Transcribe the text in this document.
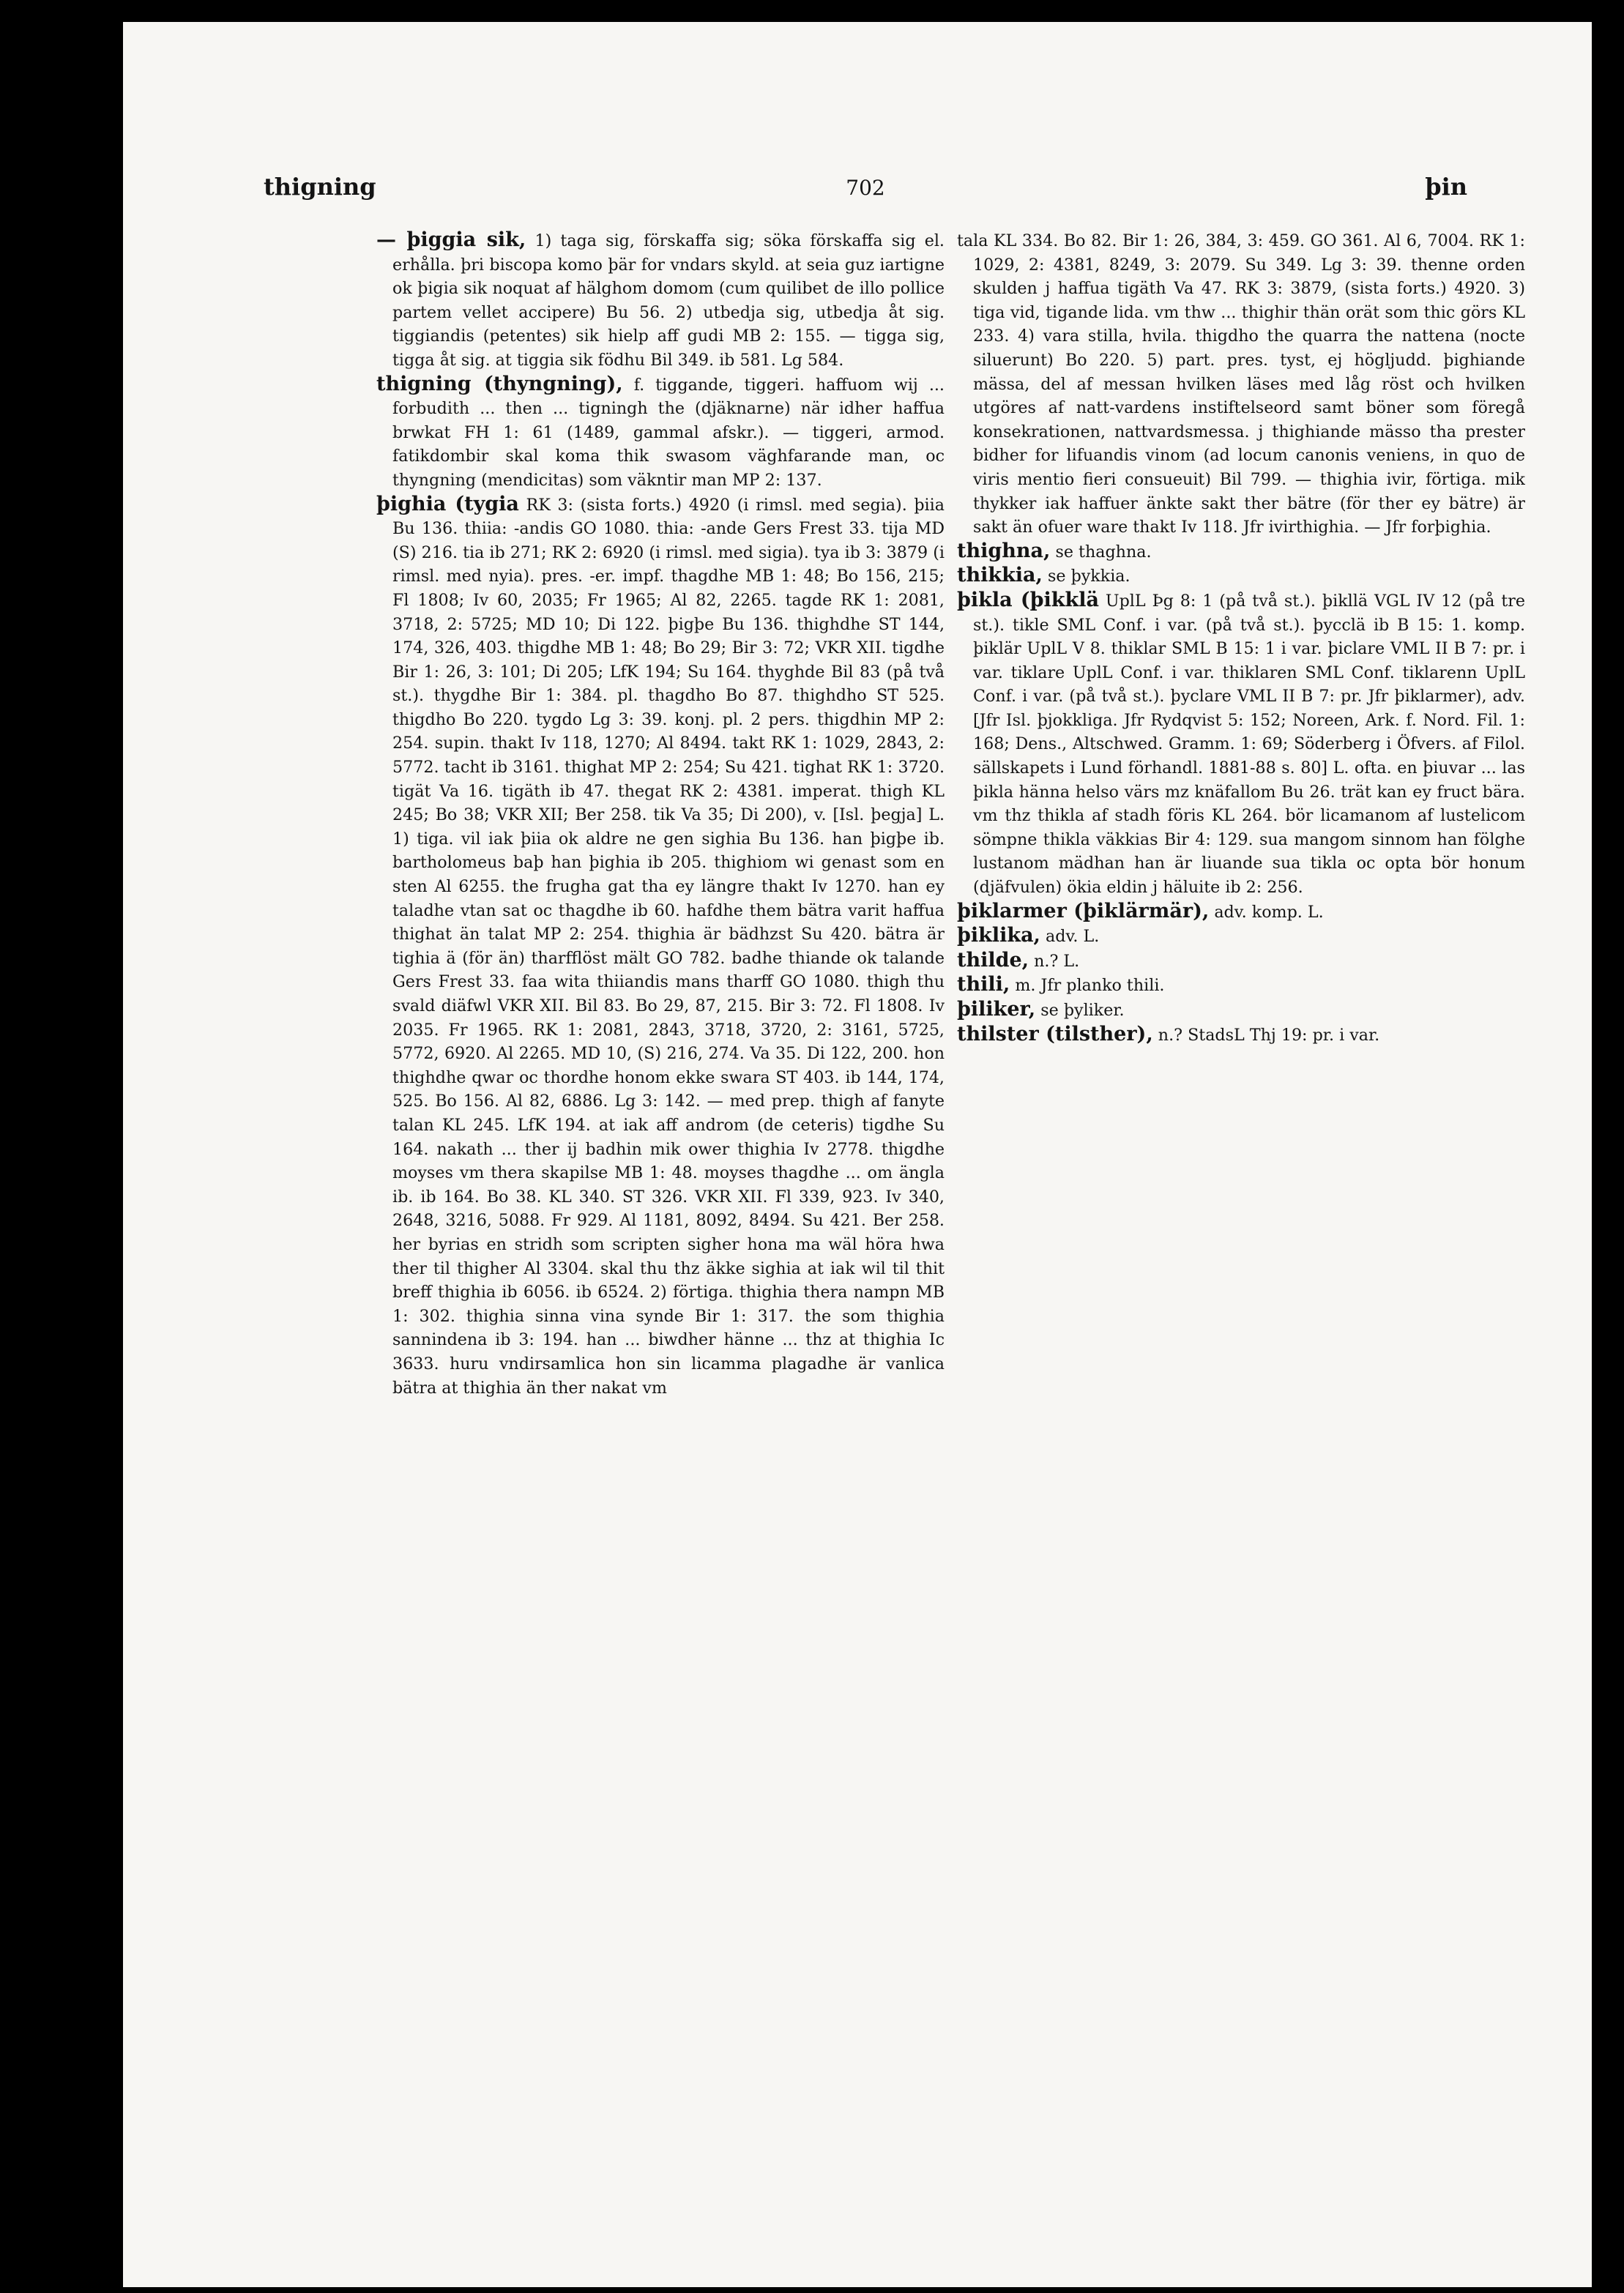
thigning	702	þin

— þiggia sik, 1) taga sig, förskaffa sig; söka förskaffa sig el. erhålla. þri biscopa komo þär for vndars skyld. at seia guz iartigne ok þigia sik noquat af hälghom domom (cum quilibet de illo pollice partem vellet accipere) Bu 56. 2) utbedja sig, utbedja åt sig. tiggiandis (petentes) sik hielp aff gudi MB 2: 155. — tigga sig, tigga åt sig. at tiggia sik födhu Bil 349. ib 581. Lg 584.

thigning (thyngning), f. tiggande, tiggeri. haffuom wij ... forbudith ... then ... tigningh the (djäknarne) när idher haffua brwkat FH 1: 61 (1489, gammal afskr.). — tiggeri, armod. fatikdombir skal koma thik swasom väghfarande man, oc thyngning (mendicitas) som väkntir man MP 2: 137.

þighia (tygia RK 3: (sista forts.) 4920 (i rimsl. med segia). þiia Bu 136. thiia: -andis GO 1080. thia: -ande Gers Frest 33. tija MD (S) 216. tia ib 271; RK 2: 6920 (i rimsl. med sigia). tya ib 3: 3879 (i rimsl. med nyia). pres. -er. impf. thagdhe MB 1: 48; Bo 156, 215; Fl 1808; Iv 60, 2035; Fr 1965; Al 82, 2265. tagde RK 1: 2081, 3718, 2: 5725; MD 10; Di 122. þigþe Bu 136. thighdhe ST 144, 174, 326, 403. thigdhe MB 1: 48; Bo 29; Bir 3: 72; VKR XII. tigdhe Bir 1: 26, 3: 101; Di 205; LfK 194; Su 164. thyghde Bil 83 (på två st.). thygdhe Bir 1: 384. pl. thagdho Bo 87. thighdho ST 525. thigdho Bo 220. tygdo Lg 3: 39. konj. pl. 2 pers. thigdhin MP 2: 254. supin. thakt Iv 118, 1270; Al 8494. takt RK 1: 1029, 2843, 2: 5772. tacht ib 3161. thighat MP 2: 254; Su 421. tighat RK 1: 3720. tigät Va 16. tigäth ib 47. thegat RK 2: 4381. imperat. thigh KL 245; Bo 38; VKR XII; Ber 258. tik Va 35; Di 200), v. [Isl. þegja] L. 1) tiga. vil iak þiia ok aldre ne gen sighia Bu 136. han þigþe ib. bartholomeus baþ han þighia ib 205. thighiom wi genast som en sten Al 6255. the frugha gat tha ey längre thakt Iv 1270. han ey taladhe vtan sat oc thagdhe ib 60. hafdhe them bätra varit haffua thighat än talat MP 2: 254. thighia är bädhzst Su 420. bätra är tighia ä (för än) tharfflöst mält GO 782. badhe thiande ok talande Gers Frest 33. faa wita thiiandis mans tharff GO 1080. thigh thu svald diäfwl VKR XII. Bil 83. Bo 29, 87, 215. Bir 3: 72. Fl 1808. Iv 2035. Fr 1965. RK 1: 2081, 2843, 3718, 3720, 2: 3161, 5725, 5772, 6920. Al 2265. MD 10, (S) 216, 274. Va 35. Di 122, 200. hon thighdhe qwar oc thordhe honom ekke swara ST 403. ib 144, 174, 525. Bo 156. Al 82, 6886. Lg 3: 142. — med prep. thigh af fanyte talan KL 245. LfK 194. at iak aff androm (de ceteris) tigdhe Su 164. nakath ... ther ij badhin mik ower thighia Iv 2778. thigdhe moyses vm thera skapilse MB 1: 48. moyses thagdhe ... om ängla ib. ib 164. Bo 38. KL 340. ST 326. VKR XII. Fl 339, 923. Iv 340, 2648, 3216, 5088. Fr 929. Al 1181, 8092, 8494. Su 421. Ber 258. her byrias en stridh som scripten sigher hona ma wäl höra hwa ther til thigher Al 3304. skal thu thz äkke sighia at iak wil til thit breff thighia ib 6056. ib 6524. 2) förtiga. thighia thera nampn MB 1: 302. thighia sinna vina synde Bir 1: 317. the som thighia sannindena ib 3: 194. han ... biwdher hänne ... thz at thighia Ic 3633. huru vndirsamlica hon sin licamma plagadhe är vanlica bätra at thighia än ther nakat vm

tala KL 334. Bo 82. Bir 1: 26, 384, 3: 459. GO 361. Al 6, 7004. RK 1: 1029, 2: 4381, 8249, 3: 2079. Su 349. Lg 3: 39. thenne orden skulden j haffua tigäth Va 47. RK 3: 3879, (sista forts.) 4920. 3) tiga vid, tigande lida. vm thw ... thighir thän orät som thic görs KL 233. 4) vara stilla, hvila. thigdho the quarra the nattena (nocte siluerunt) Bo 220. 5) part. pres. tyst, ej högljudd. þighiande mässa, del af messan hvilken läses med låg röst och hvilken utgöres af natt-vardens instiftelseord samt böner som föregå konsekrationen, nattvardsmessa. j thighiande mässo tha prester bidher for lifuandis vinom (ad locum canonis veniens, in quo de viris mentio fieri consueuit) Bil 799. — thighia ivir, förtiga. mik thykker iak haffuer änkte sakt ther bätre (för ther ey bätre) är sakt än ofuer ware thakt Iv 118. Jfr ivirthighia. — Jfr forþighia.

thighna, se thaghna.

thikkia, se þykkia.

þikla (þikklä UplL Þg 8: 1 (på två st.). þikllä VGL IV 12 (på tre st.). tikle SML Conf. i var. (på två st.). þycclä ib B 15: 1. komp. þiklär UplL V 8. thiklar SML B 15: 1 i var. þiclare VML II B 7: pr. i var. tiklare UplL Conf. i var. thiklaren SML Conf. tiklarenn UplL Conf. i var. (på två st.). þyclare VML II B 7: pr. Jfr þiklarmer), adv. [Jfr Isl. þjokkliga. Jfr Rydqvist 5: 152; Noreen, Ark. f. Nord. Fil. 1: 168; Dens., Altschwed. Gramm. 1: 69; Söderberg i Öfvers. af Filol. sällskapets i Lund förhandl. 1881-88 s. 80] L. ofta. en þiuvar ... las þikla hänna helso värs mz knäfallom Bu 26. trät kan ey fruct bära. vm thz thikla af stadh föris KL 264. bör licamanom af lustelicom sömpne thikla väkkias Bir 4: 129. sua mangom sinnom han fölghe lustanom mädhan han är liuande sua tikla oc opta bör honum (djäfvulen) ökia eldin j häluite ib 2: 256.

þiklarmer (þiklärmär), adv. komp. L.

þiklika, adv. L.

thilde, n.? L.

thili, m. Jfr planko thili.

þiliker, se þyliker.

thilster (tilsther), n.? StadsL Thj 19: pr. i var.
